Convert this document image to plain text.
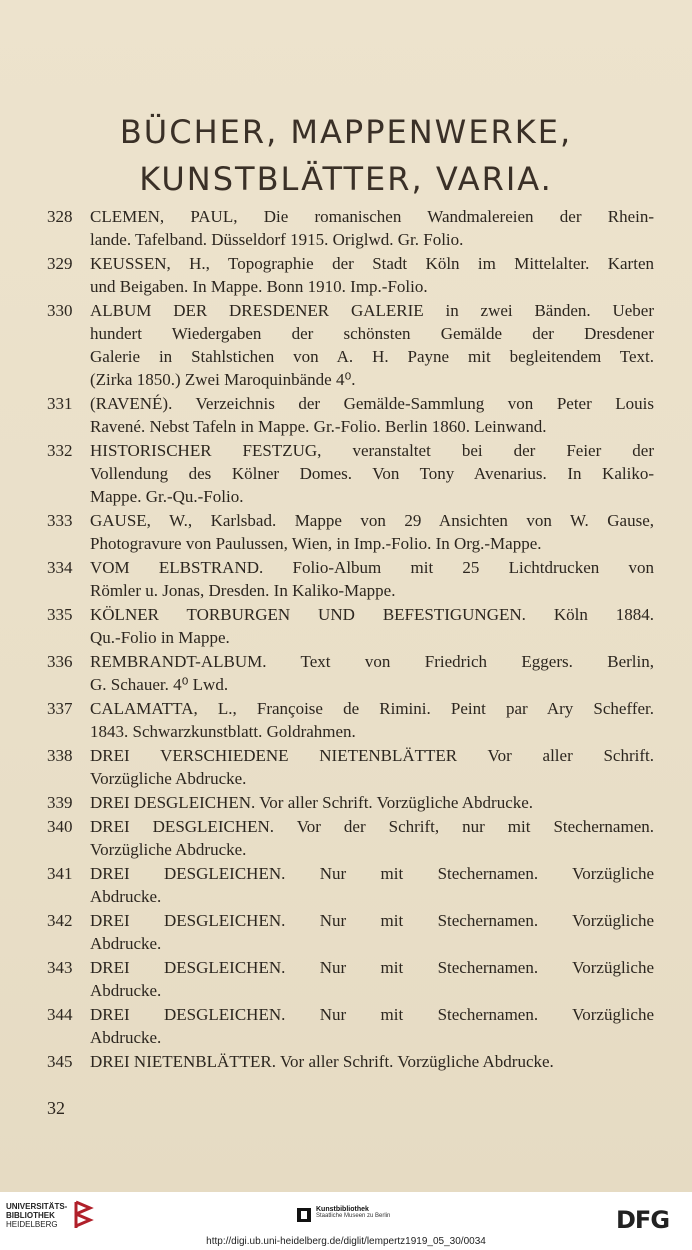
BÜCHER, MAPPENWERKE,
KUNSTBLÄTTER, VARIA.
328	CLEMEN, PAUL, Die romanischen Wandmalereien der Rhein-
lande. Tafelband. Düsseldorf 1915. Origlwd. Gr. Folio.
329	KEUSSEN, H., Topographie der Stadt Köln im Mittelalter. Karten
und Beigaben. In Mappe. Bonn 1910. Imp.-Folio.
330	ALBUM DER DRESDENER GALERIE in zwei Bänden. Ueber
hundert Wiedergaben der schönsten Gemälde der Dresdener
Galerie in Stahlstichen von A. H. Payne mit begleitendem Text.
(Zirka 1850.) Zwei Maroquinbände 4⁰.
331	(RAVENÉ). Verzeichnis der Gemälde-Sammlung von Peter Louis
Ravené. Nebst Tafeln in Mappe. Gr.-Folio. Berlin 1860. Leinwand.
332	HISTORISCHER FESTZUG, veranstaltet bei der Feier der
Vollendung des Kölner Domes. Von Tony Avenarius. In Kaliko-
Mappe. Gr.-Qu.-Folio.
333	GAUSE, W., Karlsbad. Mappe von 29 Ansichten von W. Gause,
Photogravure von Paulussen, Wien, in Imp.-Folio. In Org.-Mappe.
334	VOM ELBSTRAND. Folio-Album mit 25 Lichtdrucken von
Römler u. Jonas, Dresden. In Kaliko-Mappe.
335	KÖLNER TORBURGEN UND BEFESTIGUNGEN. Köln 1884.
Qu.-Folio in Mappe.
336	REMBRANDT-ALBUM. Text von Friedrich Eggers. Berlin,
G. Schauer. 4⁰ Lwd.
337	CALAMATTA, L., Françoise de Rimini. Peint par Ary Scheffer.
1843. Schwarzkunstblatt. Goldrahmen.
338	DREI VERSCHIEDENE NIETENBLÄTTER Vor aller Schrift.
Vorzügliche Abdrucke.
339	DREI DESGLEICHEN. Vor aller Schrift. Vorzügliche Abdrucke.
340	DREI DESGLEICHEN. Vor der Schrift, nur mit Stechernamen.
Vorzügliche Abdrucke.
341	DREI DESGLEICHEN. Nur mit Stechernamen. Vorzügliche
Abdrucke.
342	DREI DESGLEICHEN. Nur mit Stechernamen. Vorzügliche
Abdrucke.
343	DREI DESGLEICHEN. Nur mit Stechernamen. Vorzügliche
Abdrucke.
344	DREI DESGLEICHEN. Nur mit Stechernamen. Vorzügliche
Abdrucke.
345	DREI NIETENBLÄTTER. Vor aller Schrift. Vorzügliche Abdrucke.
32
UNIVERSITÄTS-
BIBLIOTHEK
HEIDELBERG
Kunstbibliothek
Staatliche Museen zu Berlin	DFG
http://digi.ub.uni-heidelberg.de/diglit/lempertz1919_05_30/0034
